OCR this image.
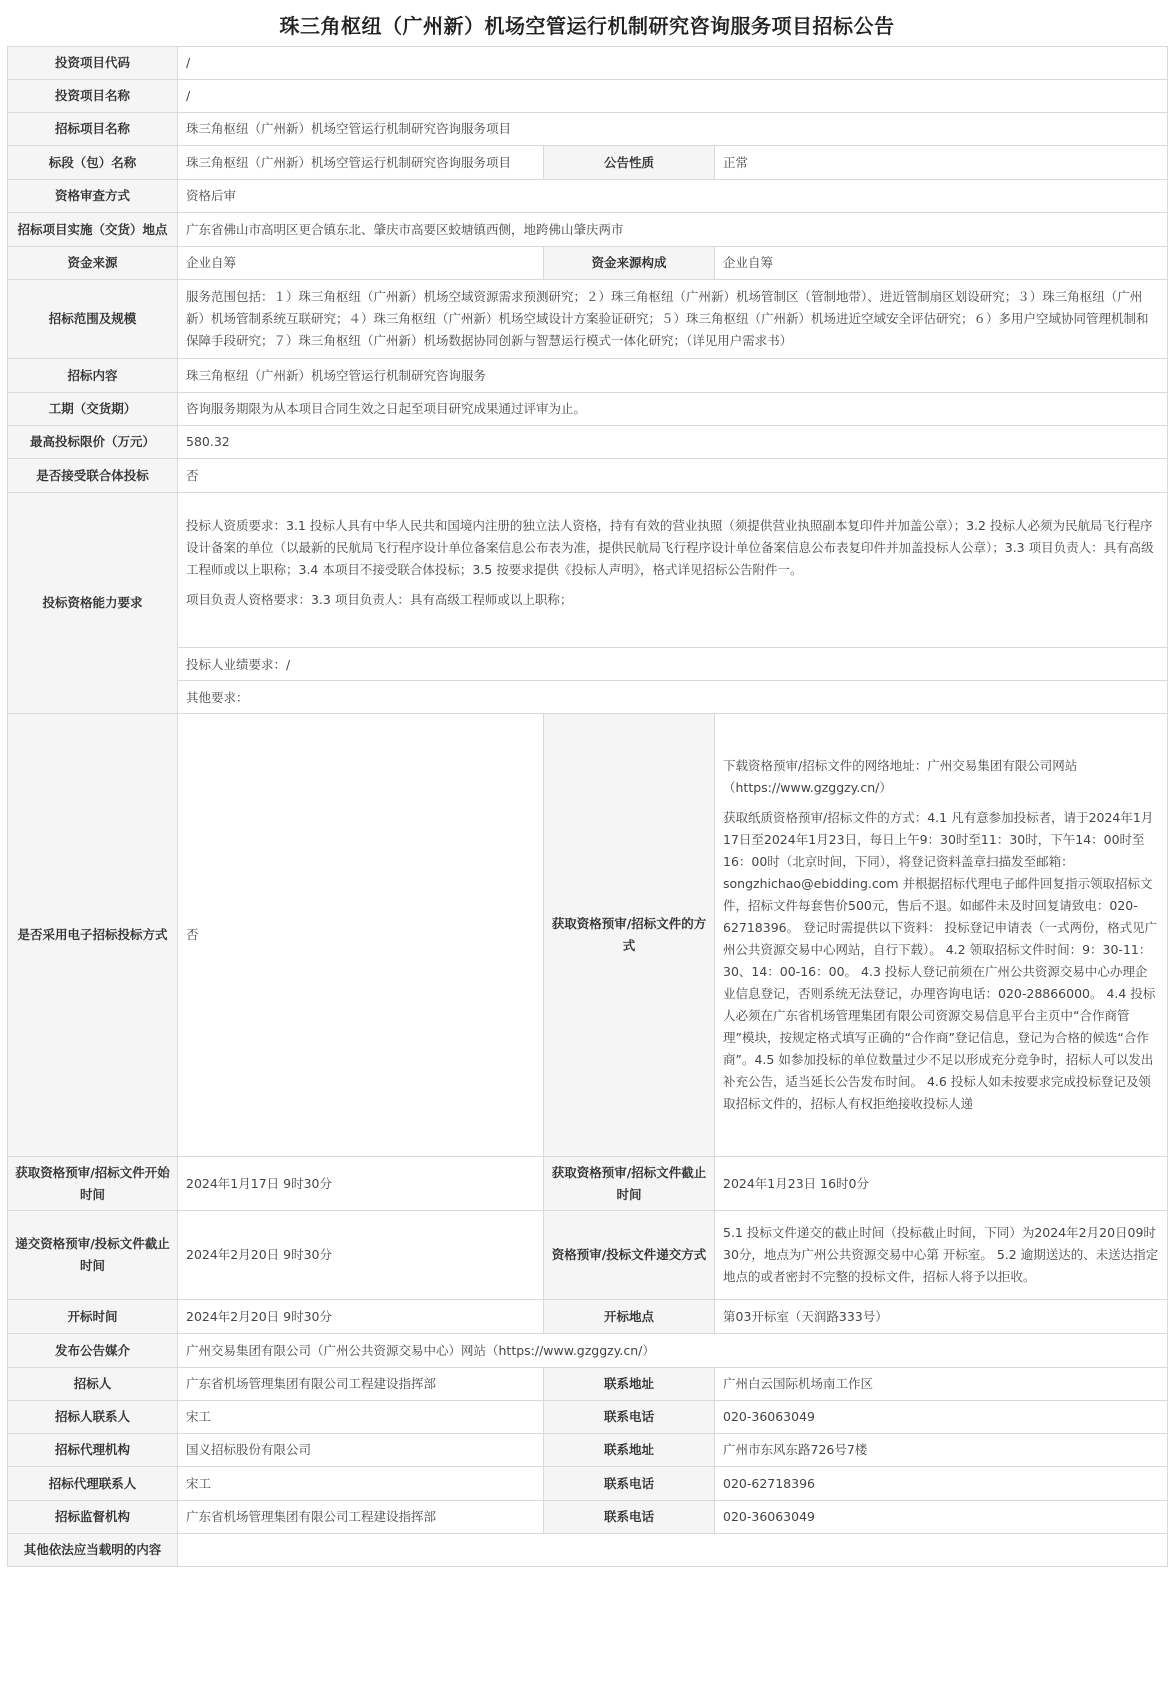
珠三角枢纽（广州新）机场空管运行机制研究咨询服务项目招标公告
投资项目代码	/		
投资项目名称	/		
招标项目名称	珠三角枢纽（广州新）机场空管运行机制研究咨询服务项目		
标段（包）名称	珠三角枢纽（广州新）机场空管运行机制研究咨询服务项目	公告性质	正常
资格审查方式	资格后审		
招标项目实施（交货）地点	广东省佛山市高明区更合镇东北、肇庆市高要区蛟塘镇西侧，地跨佛山肇庆两市		
资金来源	企业自筹	资金来源构成	企业自筹
招标范围及规模	服务范围包括：１）珠三角枢纽（广州新）机场空域资源需求预测研究；２）珠三角枢纽（广州新）机场管制区（管制地带）、进近管制扇区划设研究；３）珠三角枢纽（广州新）机场管制系统互联研究；４）珠三角枢纽（广州新）机场空域设计方案验证研究；５）珠三角枢纽（广州新）机场进近空域安全评估研究；６）多用户空域协同管理机制和保障手段研究；７）珠三角枢纽（广州新）机场数据协同创新与智慧运行模式一体化研究；（详见用户需求书）		
招标内容	珠三角枢纽（广州新）机场空管运行机制研究咨询服务		
工期（交货期）	咨询服务期限为从本项目合同生效之日起至项目研究成果通过评审为止。		
最高投标限价（万元）	580.32		
是否接受联合体投标	否		
投标资格能力要求	投标人资质要求：3.1 投标人具有中华人民共和国境内注册的独立法人资格，持有有效的营业执照（须提供营业执照副本复印件并加盖公章）；3.2 投标人必须为民航局飞行程序设计备案的单位（以最新的民航局飞行程序设计单位备案信息公布表为准，提供民航局飞行程序设计单位备案信息公布表复印件并加盖投标人公章）；3.3 项目负责人：具有高级工程师或以上职称；3.4 本项目不接受联合体投标；3.5 按要求提供《投标人声明》，格式详见招标公告附件一。
项目负责人资格要求：3.3 项目负责人：具有高级工程师或以上职称；
投标人业绩要求：/
其他要求：		

是否采用电子招标投标方式	否	获取资格预审/招标文件的方式	下载资格预审/招标文件的网络地址：广州交易集团有限公司网站（https://www.gzggzy.cn/）
获取纸质资格预审/招标文件的方式：4.1 凡有意参加投标者，请于2024年1月17日至2024年1月23日，每日上午9：30时至11：30时，下午14：00时至16：00时（北京时间，下同），将登记资料盖章扫描发至邮箱：songzhichao@ebidding.com 并根据招标代理电子邮件回复指示领取招标文件，招标文件每套售价500元，售后不退。如邮件未及时回复请致电：020-62718396。 登记时需提供以下资料： 投标登记申请表（一式两份，格式见广州公共资源交易中心网站，自行下载）。 4.2 领取招标文件时间：9：30-11：30、14：00-16：00。 4.3 投标人登记前须在广州公共资源交易中心办理企业信息登记，否则系统无法登记，办理咨询电话：020-28866000。 4.4 投标人必须在广东省机场管理集团有限公司资源交易信息平台主页中“合作商管理”模块，按规定格式填写正确的“合作商”登记信息，登记为合格的候选“合作商”。4.5 如参加投标的单位数量过少不足以形成充分竞争时，招标人可以发出补充公告，适当延长公告发布时间。 4.6 投标人如未按要求完成投标登记及领取招标文件的，招标人有权拒绝接收投标人递

获取资格预审/招标文件开始时间	2024年1月17日 9时30分	获取资格预审/招标文件截止时间	2024年1月23日 16时0分
递交资格预审/投标文件截止时间	2024年2月20日 9时30分	资格预审/投标文件递交方式	5.1 投标文件递交的截止时间（投标截止时间，下同）为2024年2月20日09时30分，地点为广州公共资源交易中心第 开标室。 5.2 逾期送达的、未送达指定地点的或者密封不完整的投标文件，招标人将予以拒收。
开标时间	2024年2月20日 9时30分	开标地点	第03开标室（天润路333号）
发布公告媒介	广州交易集团有限公司（广州公共资源交易中心）网站（https://www.gzggzy.cn/）		
招标人	广东省机场管理集团有限公司工程建设指挥部	联系地址	广州白云国际机场南工作区
招标人联系人	宋工	联系电话	020-36063049
招标代理机构	国义招标股份有限公司	联系地址	广州市东风东路726号7楼
招标代理联系人	宋工	联系电话	020-62718396
招标监督机构	广东省机场管理集团有限公司工程建设指挥部	联系电话	020-36063049
其他依法应当载明的内容			
